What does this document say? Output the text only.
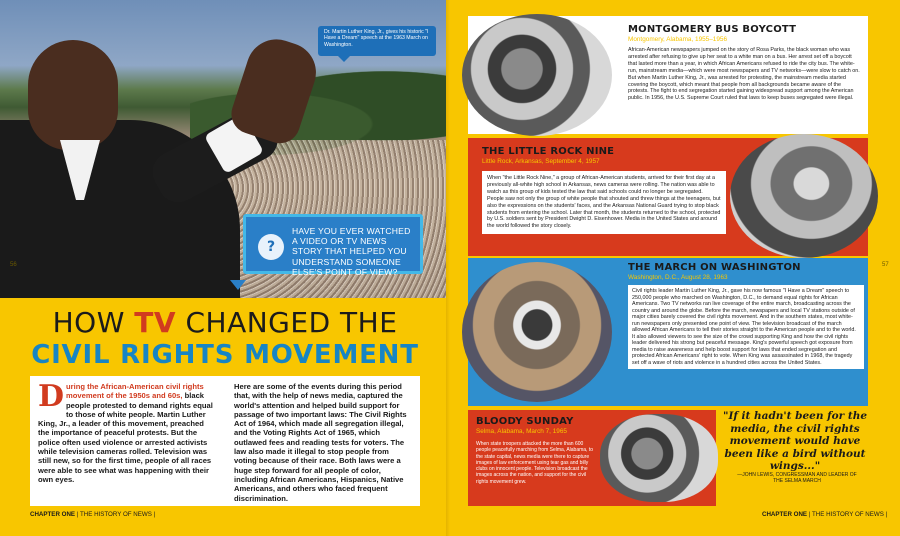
Dr. Martin Luther King, Jr., gives his historic "I Have a Dream" speech at the 1963 March on Washington.
?
HAVE YOU EVER WATCHED A VIDEO OR TV NEWS STORY THAT HELPED YOU UNDERSTAND SOMEONE ELSE'S POINT OF VIEW?
56
HOW TV CHANGED THE
CIVIL RIGHTS MOVEMENT
During the African-American civil rights movement of the 1950s and 60s, black people protested to demand rights equal to those of white people. Martin Luther King, Jr., a leader of this movement, preached the importance of peaceful protests. But the police often used violence or arrested activists while television cameras rolled. Television was still new, so for the first time, people of all races were able to see what was happening with their own eyes.
Here are some of the events during this period that, with the help of news media, captured the world's attention and helped build support for passage of two important laws: The Civil Rights Act of 1964, which made all segregation illegal, and the Voting Rights Act of 1965, which outlawed fees and reading tests for voters. The law also made it illegal to stop people from voting because of their race. Both laws were a huge step forward for all people of color, including African Americans, Hispanics, Native Americans, and others who faced frequent discrimination.
CHAPTER ONE | THE HISTORY OF NEWS |
MONTGOMERY BUS BOYCOTT
Montgomery, Alabama, 1955–1956
African-American newspapers jumped on the story of Rosa Parks, the black woman who was arrested after refusing to give up her seat to a white man on a bus. Her arrest set off a boycott that lasted more than a year, in which African Americans refused to ride the city bus. The white-run, mainstream media—which were most newspapers and TV networks—were slow to catch on. But when Martin Luther King, Jr., was arrested for protesting, the mainstream media started covering the boycott, which meant that people from all backgrounds became aware of the protests. The fight to end segregation started gaining widespread support among the American public. In 1956, the U.S. Supreme Court ruled that laws to keep buses segregated were illegal.
THE LITTLE ROCK NINE
Little Rock, Arkansas, September 4, 1957
When "the Little Rock Nine," a group of African-American students, arrived for their first day at a previously all-white high school in Arkansas, news cameras were rolling. The nation was able to watch as this group of kids tested the law that said schools could no longer be segregated. People saw not only the group of white people that shouted and threw things at the teenagers, but also the expressions on the students' faces, and the Arkansas National Guard trying to stop black students from entering the school. Later that month, the students returned to the school, protected by U.S. soldiers sent by President Dwight D. Eisenhower. Media in the United States and around the world followed the story closely.
THE MARCH ON WASHINGTON
Washington, D.C., August 28, 1963
Civil rights leader Martin Luther King, Jr., gave his now famous "I Have a Dream" speech to 250,000 people who marched on Washington, D.C., to demand equal rights for African Americans. Two TV networks ran live coverage of the entire march, broadcasting across the country and around the globe. Before the march, newspapers and local TV stations outside of major cities barely covered the civil rights movement. And in the southern states, most white-run newspapers only presented one point of view. The television broadcast of the march allowed African Americans to tell their stories straight to the American people and to the world. It also allowed viewers to see the size of the crowd supporting King and how the civil rights leader delivered his strong but peaceful message. King's powerful speech got exposure from media to raise awareness and help boost support for laws that ended segregation and protected African Americans' right to vote. When King was assassinated in 1968, the tragedy set off a wave of riots and violence in a hundred cities across the United States.
BLOODY SUNDAY
Selma, Alabama, March 7, 1965
When state troopers attacked the more than 600 people peacefully marching from Selma, Alabama, to the state capital, news media were there to capture images of law enforcement using tear gas and billy clubs on innocent people. Television broadcast the images across the nation, and support for the civil rights movement grew.
"If it hadn't been for the media, the civil rights movement would have been like a bird without wings..."
—JOHN LEWIS, CONGRESSMAN AND LEADER OF THE SELMA MARCH
57
CHAPTER ONE | THE HISTORY OF NEWS |
